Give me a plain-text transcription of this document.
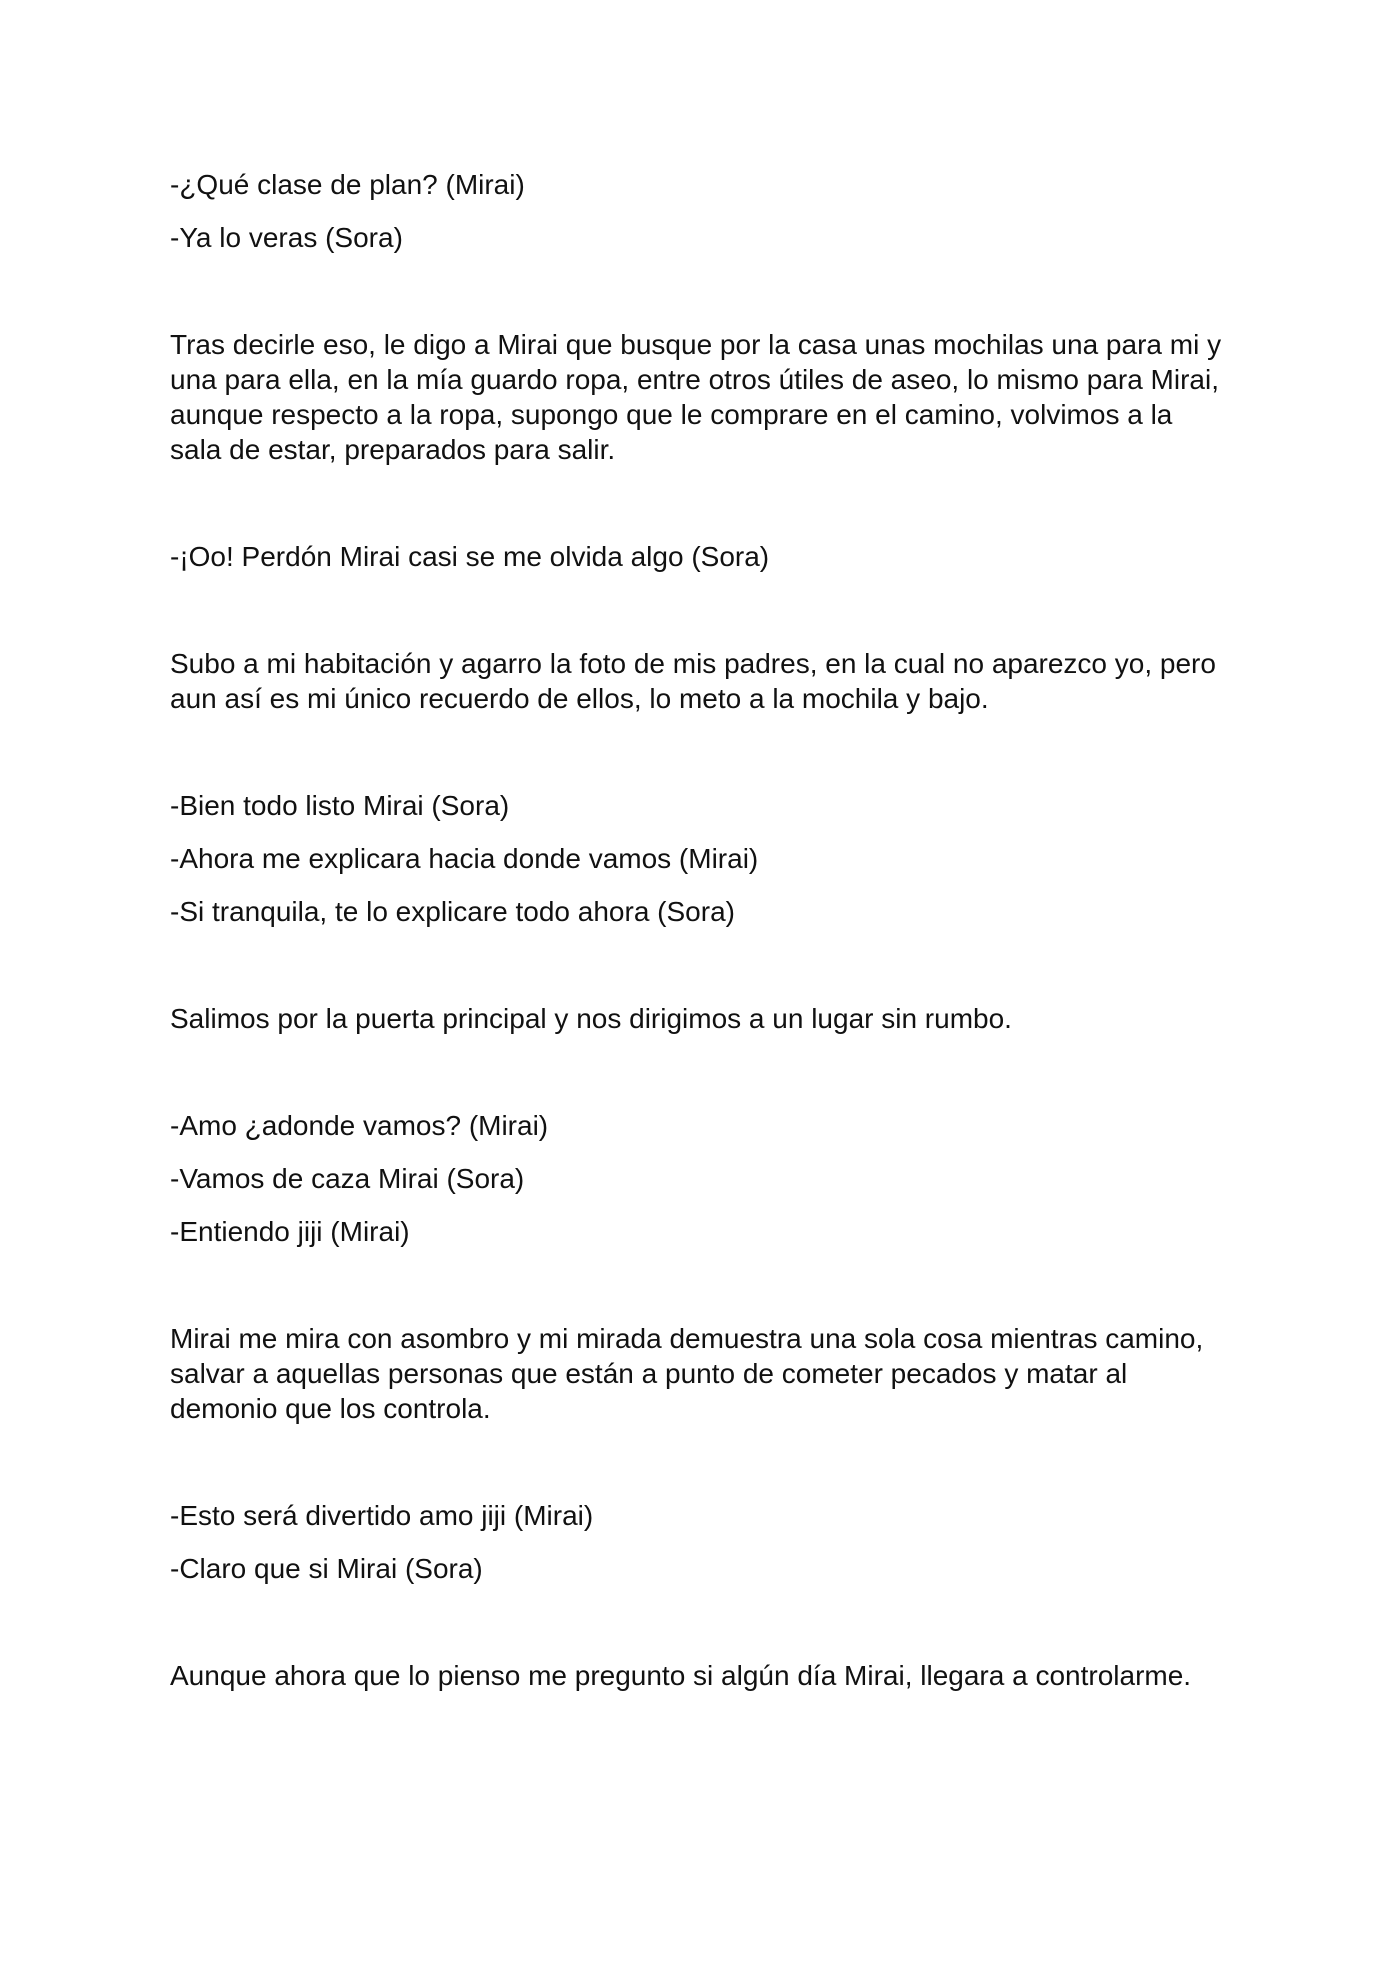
-¿Qué clase de plan? (Mirai)

-Ya lo veras (Sora)

Tras decirle eso, le digo a Mirai que busque por la casa unas mochilas una para mi y

una para ella, en la mía guardo ropa, entre otros útiles de aseo, lo mismo para Mirai,

aunque respecto a la ropa, supongo que le comprare en el camino, volvimos a la

sala de estar, preparados para salir.

-¡Oo! Perdón Mirai casi se me olvida algo (Sora)

Subo a mi habitación y agarro la foto de mis padres, en la cual no aparezco yo, pero

aun así es mi único recuerdo de ellos, lo meto a la mochila y bajo.

-Bien todo listo Mirai (Sora)

-Ahora me explicara hacia donde vamos (Mirai)

-Si tranquila, te lo explicare todo ahora (Sora)

Salimos por la puerta principal y nos dirigimos a un lugar sin rumbo.

-Amo ¿adonde vamos? (Mirai)

-Vamos de caza Mirai (Sora)

-Entiendo jiji (Mirai)

Mirai me mira con asombro y mi mirada demuestra una sola cosa mientras camino,

salvar a aquellas personas que están a punto de cometer pecados y matar al

demonio que los controla.

-Esto será divertido amo jiji (Mirai)

-Claro que si Mirai (Sora)

Aunque ahora que lo pienso me pregunto si algún día Mirai, llegara a controlarme.
